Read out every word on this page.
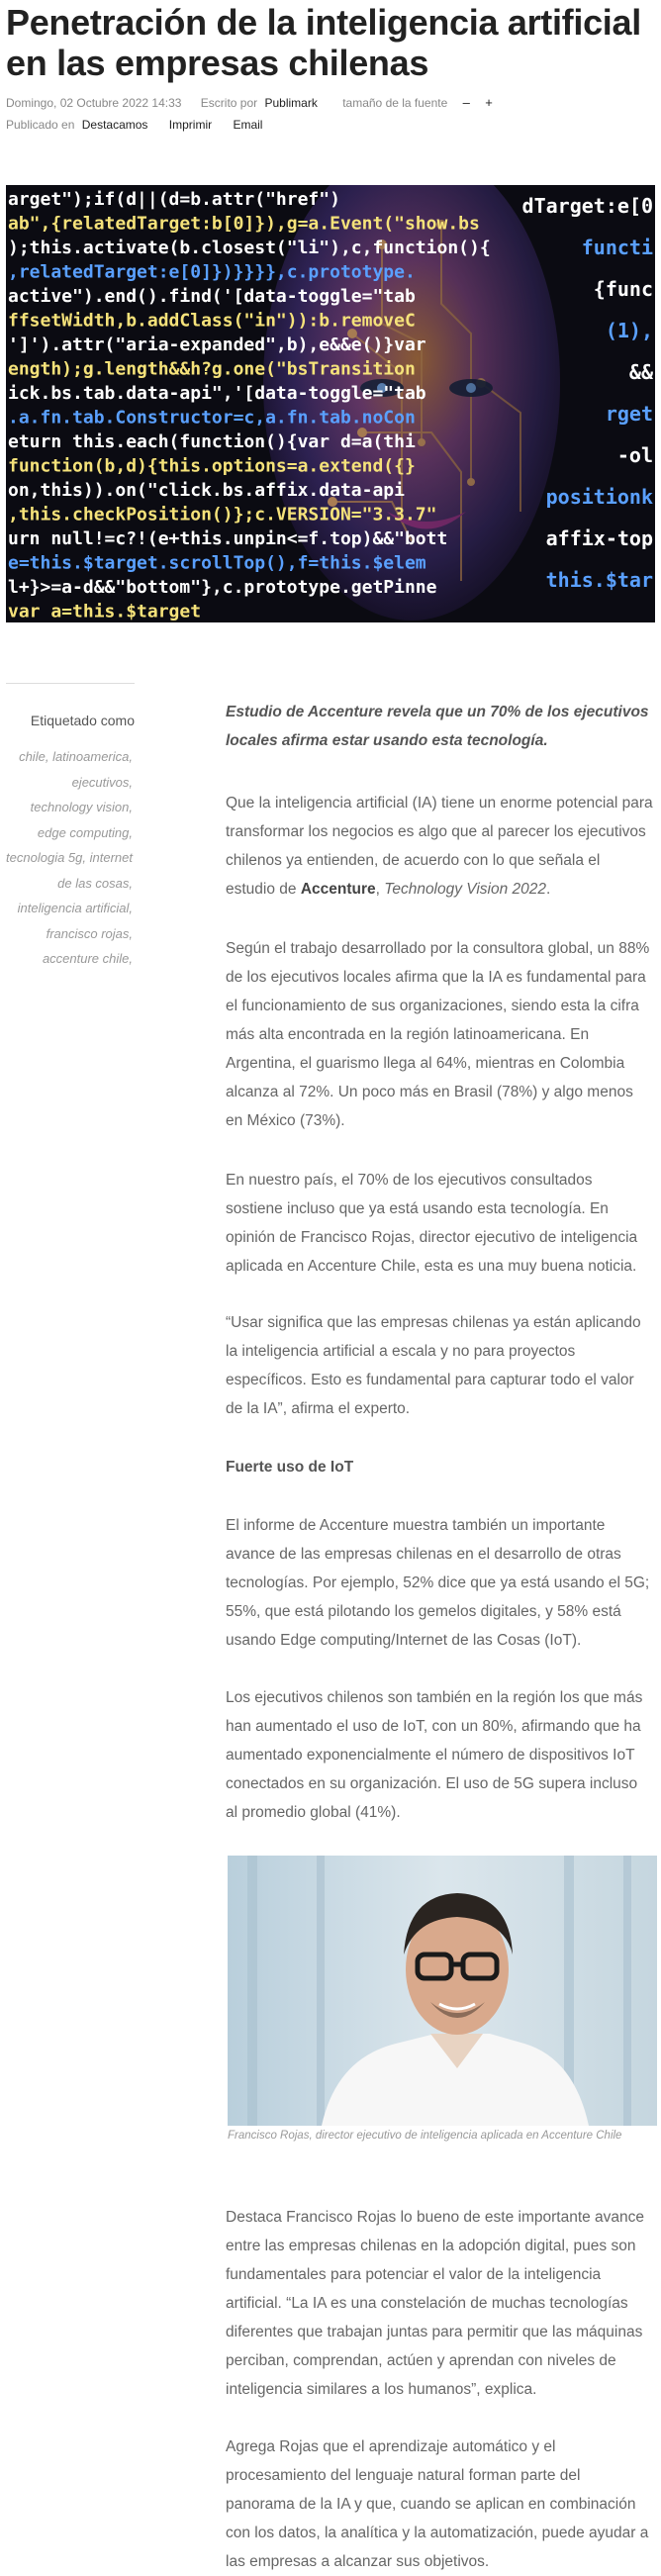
Penetración de la inteligencia artificial en las empresas chilenas
Domingo, 02 Octubre 2022 14:33 Escrito por Publimark tamaño de la fuente – +
Publicado en Destacamos Imprimir Email
arget");if(d||(d=b.attr("href")
ab",{relatedTarget:b[0]}),g=a.Event("show.bs
);this.activate(b.closest("li"),c,function(){
,relatedTarget:e[0]})}}}},c.prototype.
active").end().find('[data-toggle="tab
ffsetWidth,b.addClass("in")):b.removeC
']').attr("aria-expanded",b),e&&e()}var
ength);g.length&&h?g.one("bsTransition
ick.bs.tab.data-api",'[data-toggle="tab
.a.fn.tab.Constructor=c,a.fn.tab.noCon
eturn this.each(function(){var d=a(thi
function(b,d){this.options=a.extend({}
on,this)).on("click.bs.affix.data-api
,this.checkPosition()};c.VERSION="3.3.7"
urn null!=c?!(e+this.unpin<=f.top)&&"bott
e=this.$target.scrollTop(),f=this.$elem
l+}>=a-d&&"bottom"},c.prototype.getPinne
var a=this.$target
dTarget:e[0
functi
{func
(1),
&&
rget
-ol
positionk
affix-top
this.$tar
Etiquetado como
chile, latinoamerica,
ejecutivos,
technology vision,
edge computing,
tecnologia 5g, internet de las cosas, inteligencia artificial, francisco rojas, accenture chile,

Estudio de Accenture revela que un 70% de los ejecutivos locales afirma estar usando esta tecnología.

Que la inteligencia artificial (IA) tiene un enorme potencial para transformar los negocios es algo que al parecer los ejecutivos chilenos ya entienden, de acuerdo con lo que señala el estudio de Accenture, Technology Vision 2022.

Según el trabajo desarrollado por la consultora global, un 88% de los ejecutivos locales afirma que la IA es fundamental para el funcionamiento de sus organizaciones, siendo esta la cifra más alta encontrada en la región latinoamericana. En Argentina, el guarismo llega al 64%, mientras en Colombia alcanza al 72%. Un poco más en Brasil (78%) y algo menos en México (73%).

En nuestro país, el 70% de los ejecutivos consultados sostiene incluso que ya está usando esta tecnología. En opinión de Francisco Rojas, director ejecutivo de inteligencia aplicada en Accenture Chile, esta es una muy buena noticia.

“Usar significa que las empresas chilenas ya están aplicando la inteligencia artificial a escala y no para proyectos específicos. Esto es fundamental para capturar todo el valor de la IA”, afirma el experto.

Fuerte uso de IoT

El informe de Accenture muestra también un importante avance de las empresas chilenas en el desarrollo de otras tecnologías. Por ejemplo, 52% dice que ya está usando el 5G; 55%, que está pilotando los gemelos digitales, y 58% está usando Edge computing/Internet de las Cosas (IoT).

Los ejecutivos chilenos son también en la región los que más han aumentado el uso de IoT, con un 80%, afirmando que ha aumentado exponencialmente el número de dispositivos IoT conectados en su organización. El uso de 5G supera incluso al promedio global (41%).

Francisco Rojas, director ejecutivo de inteligencia aplicada en Accenture Chile

Destaca Francisco Rojas lo bueno de este importante avance entre las empresas chilenas en la adopción digital, pues son fundamentales para potenciar el valor de la inteligencia artificial. “La IA es una constelación de muchas tecnologías diferentes que trabajan juntas para permitir que las máquinas perciban, comprendan, actúen y aprendan con niveles de inteligencia similares a los humanos”, explica.

Agrega Rojas que el aprendizaje automático y el procesamiento del lenguaje natural forman parte del panorama de la IA y que, cuando se aplican en combinación con los datos, la analítica y la automatización, puede ayudar a las empresas a alcanzar sus objetivos.
